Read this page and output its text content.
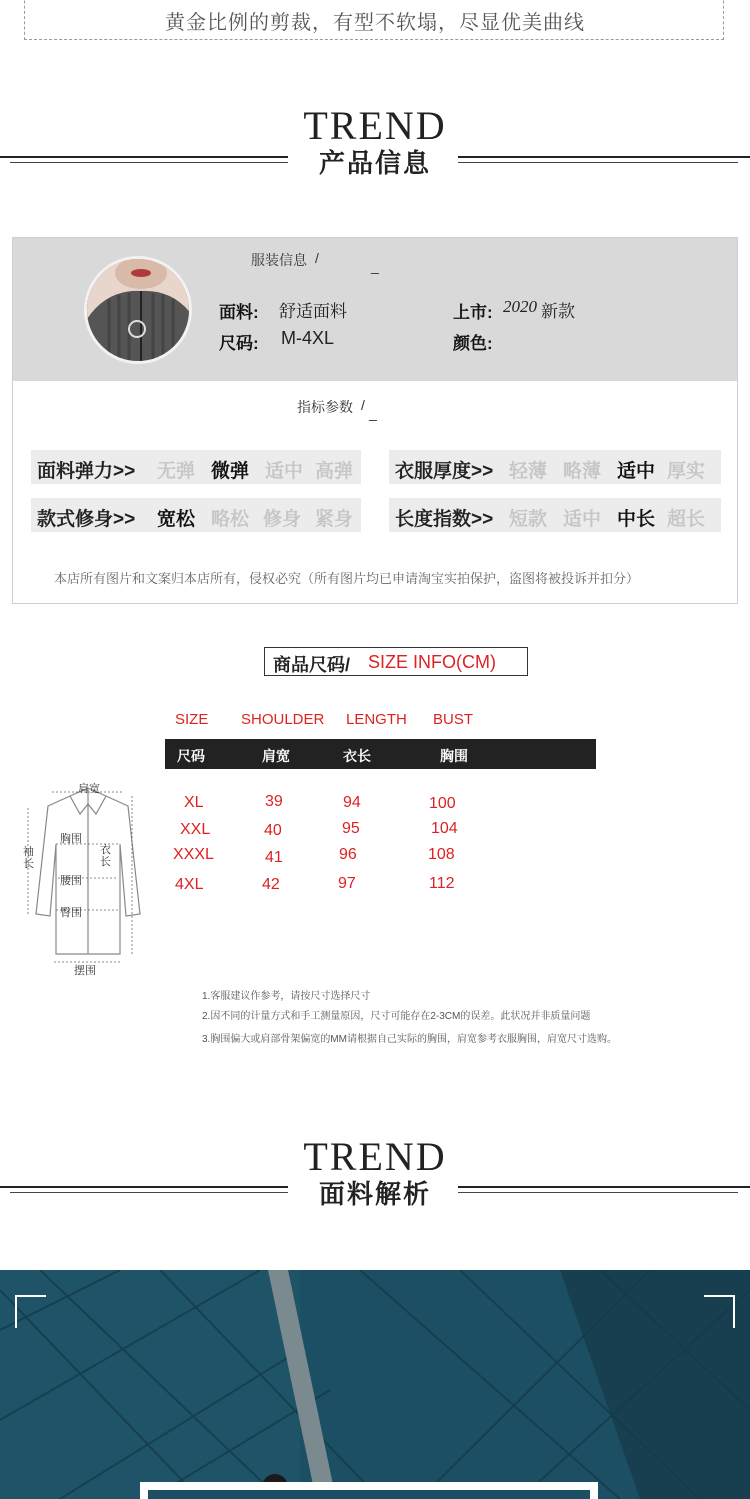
黄金比例的剪裁，有型不软塌，尽显优美曲线
TREND
产品信息
服装信息 /	_
面料: 舒适面料
尺码: M-4XL
上市: 2020 新款
颜色:
指标参数 / _
面料弹力>> 无弹 微弹 适中 高弹 衣服厚度>> 轻薄 略薄 适中 厚实
款式修身>> 宽松 略松 修身 紧身 长度指数>> 短款 适中 中长 超长
本店所有图片和文案归本店所有，侵权必究（所有图片均已申请淘宝实拍保护，盗图将被投诉并扣分）
商品尺码/ SIZE INFO(CM)
SIZE SHOULDER LENGTH BUST
尺码	肩宽	衣长	胸围
XL	39	94	100
XXL	40	95	104
XXXL	41	96	108
4XL	42	97	112
肩宽
胸围
衣长
袖长
腰围
臀围
摆围
1.客服建议作参考，请按尺寸选择尺寸
2.因不同的计量方式和手工测量原因，尺寸可能存在2-3CM的误差。此状况并非质量问题
3.胸围偏大或肩部骨架偏宽的MM请根据自己实际的胸围，肩宽参考衣服胸围，肩宽尺寸选购。
TREND
面料解析
